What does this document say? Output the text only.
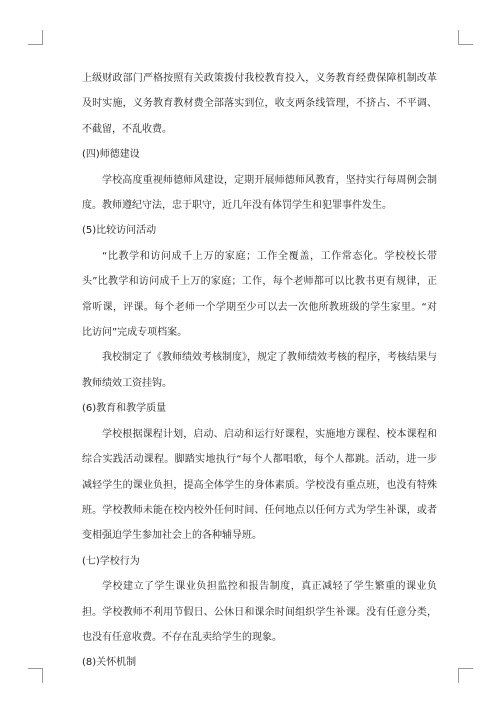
上级财政部门严格按照有关政策拨付我校教育投入，义务教育经费保障机制改革及时实施，义务教育教材费全部落实到位，收支两条线管理，不挤占、不平调、不截留，不乱收费。

(四)师德建设

学校高度重视师德师风建设，定期开展师德师风教育，坚持实行每周例会制度。教师遵纪守法，忠于职守，近几年没有体罚学生和犯罪事件发生。

(5)比较访问活动

“比教学和访问成千上万的家庭；工作全覆盖，工作常态化。学校校长带头”比教学和访问成千上万的家庭；工作，每个老师都可以比教书更有规律，正常听课，评课。每个老师一个学期至少可以去一次他所教班级的学生家里。“对比访问”完成专项档案。

我校制定了《教师绩效考核制度》，规定了教师绩效考核的程序，考核结果与教师绩效工资挂钩。

(6)教育和教学质量

学校根据课程计划，启动、启动和运行好课程，实施地方课程、校本课程和综合实践活动课程。脚踏实地执行“每个人都唱歌，每个人都跳。活动，进一步减轻学生的课业负担，提高全体学生的身体素质。学校没有重点班，也没有特殊班。学校教师未能在校内校外任何时间、任何地点以任何方式为学生补课，或者变相强迫学生参加社会上的各种辅导班。

(七)学校行为

学校建立了学生课业负担监控和报告制度，真正减轻了学生繁重的课业负担。学校教师不利用节假日、公休日和课余时间组织学生补课。没有任意分类，也没有任意收费。不存在乱卖给学生的现象。

(8)关怀机制
